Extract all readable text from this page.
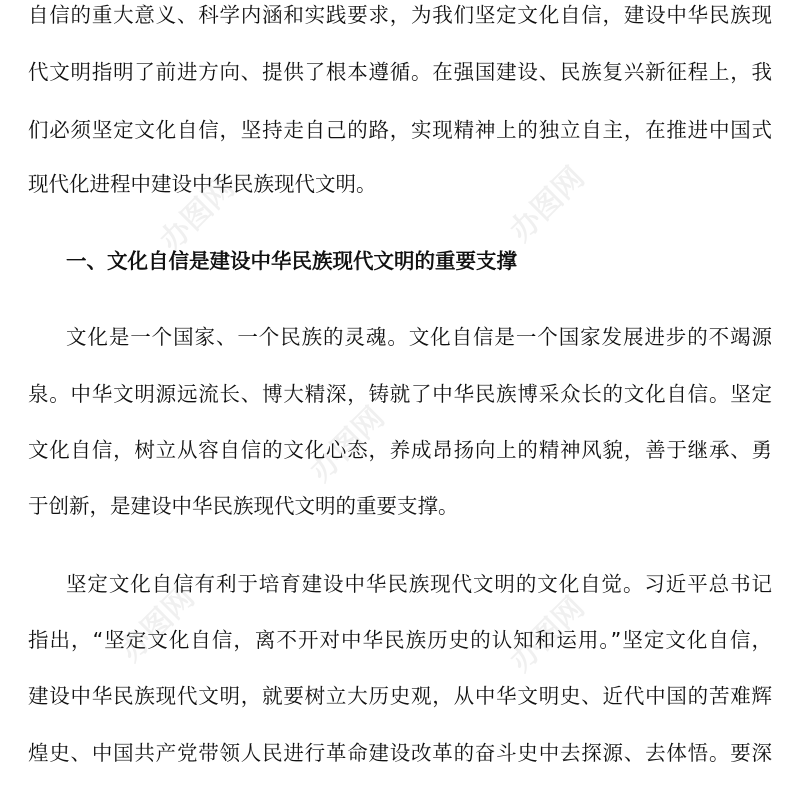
自信的重大意义、科学内涵和实践要求，为我们坚定文化自信，建设中华民族现
代文明指明了前进方向、提供了根本遵循。在强国建设、民族复兴新征程上，我
们必须坚定文化自信，坚持走自己的路，实现精神上的独立自主，在推进中国式
现代化进程中建设中华民族现代文明。
一、文化自信是建设中华民族现代文明的重要支撑
文化是一个国家、一个民族的灵魂。文化自信是一个国家发展进步的不竭源
泉。中华文明源远流长、博大精深，铸就了中华民族博采众长的文化自信。坚定
文化自信，树立从容自信的文化心态，养成昂扬向上的精神风貌，善于继承、勇
于创新，是建设中华民族现代文明的重要支撑。
坚定文化自信有利于培育建设中华民族现代文明的文化自觉。习近平总书记
指出，“坚定文化自信，离不开对中华民族历史的认知和运用。”坚定文化自信，
建设中华民族现代文明，就要树立大历史观，从中华文明史、近代中国的苦难辉
煌史、中国共产党带领人民进行革命建设改革的奋斗史中去探源、去体悟。要深
办图网	办图网
办图网
办图网	办图网
